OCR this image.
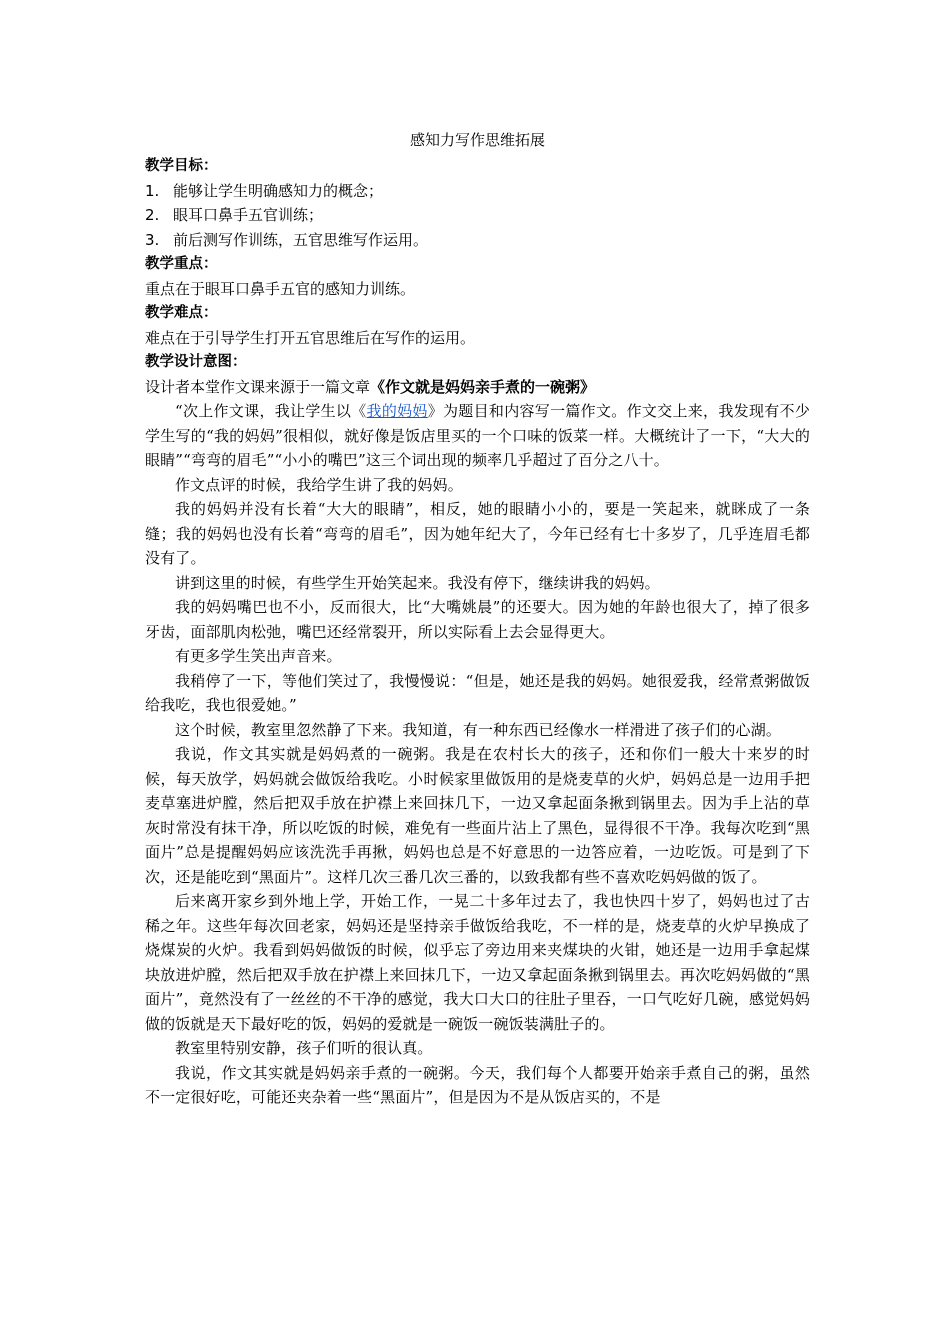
感知力写作思维拓展
教学目标：
1. 能够让学生明确感知力的概念；
2. 眼耳口鼻手五官训练；
3. 前后测写作训练，五官思维写作运用。
教学重点：
重点在于眼耳口鼻手五官的感知力训练。
教学难点：
难点在于引导学生打开五官思维后在写作的运用。
教学设计意图：
设计者本堂作文课来源于一篇文章《作文就是妈妈亲手煮的一碗粥》

“次上作文课，我让学生以《我的妈妈》为题目和内容写一篇作文。作文交上来，我发现有不少学生写的“我的妈妈”很相似，就好像是饭店里买的一个口味的饭菜一样。大概统计了一下，“大大的眼睛”“弯弯的眉毛”“小小的嘴巴”这三个词出现的频率几乎超过了百分之八十。

作文点评的时候，我给学生讲了我的妈妈。

我的妈妈并没有长着“大大的眼睛”，相反，她的眼睛小小的，要是一笑起来，就眯成了一条缝；我的妈妈也没有长着“弯弯的眉毛”，因为她年纪大了，今年已经有七十多岁了，几乎连眉毛都没有了。

讲到这里的时候，有些学生开始笑起来。我没有停下，继续讲我的妈妈。

我的妈妈嘴巴也不小，反而很大，比“大嘴姚晨”的还要大。因为她的年龄也很大了，掉了很多牙齿，面部肌肉松弛，嘴巴还经常裂开，所以实际看上去会显得更大。

有更多学生笑出声音来。

我稍停了一下，等他们笑过了，我慢慢说：“但是，她还是我的妈妈。她很爱我，经常煮粥做饭给我吃，我也很爱她。”

这个时候，教室里忽然静了下来。我知道，有一种东西已经像水一样滑进了孩子们的心湖。

我说，作文其实就是妈妈煮的一碗粥。我是在农村长大的孩子，还和你们一般大十来岁的时候，每天放学，妈妈就会做饭给我吃。小时候家里做饭用的是烧麦草的火炉，妈妈总是一边用手把麦草塞进炉膛，然后把双手放在护襟上来回抹几下，一边又拿起面条揪到锅里去。因为手上沾的草灰时常没有抹干净，所以吃饭的时候，难免有一些面片沾上了黑色，显得很不干净。我每次吃到“黑面片”总是提醒妈妈应该洗洗手再揪，妈妈也总是不好意思的一边答应着，一边吃饭。可是到了下次，还是能吃到“黑面片”。这样几次三番几次三番的，以致我都有些不喜欢吃妈妈做的饭了。

后来离开家乡到外地上学，开始工作，一晃二十多年过去了，我也快四十岁了，妈妈也过了古稀之年。这些年每次回老家，妈妈还是坚持亲手做饭给我吃，不一样的是，烧麦草的火炉早换成了烧煤炭的火炉。我看到妈妈做饭的时候，似乎忘了旁边用来夹煤块的火钳，她还是一边用手拿起煤块放进炉膛，然后把双手放在护襟上来回抹几下，一边又拿起面条揪到锅里去。再次吃妈妈做的“黑面片”，竟然没有了一丝丝的不干净的感觉，我大口大口的往肚子里吞，一口气吃好几碗，感觉妈妈做的饭就是天下最好吃的饭，妈妈的爱就是一碗饭一碗饭装满肚子的。

教室里特别安静，孩子们听的很认真。

我说，作文其实就是妈妈亲手煮的一碗粥。今天，我们每个人都要开始亲手煮自己的粥，虽然不一定很好吃，可能还夹杂着一些“黑面片”，但是因为不是从饭店买的，不是
